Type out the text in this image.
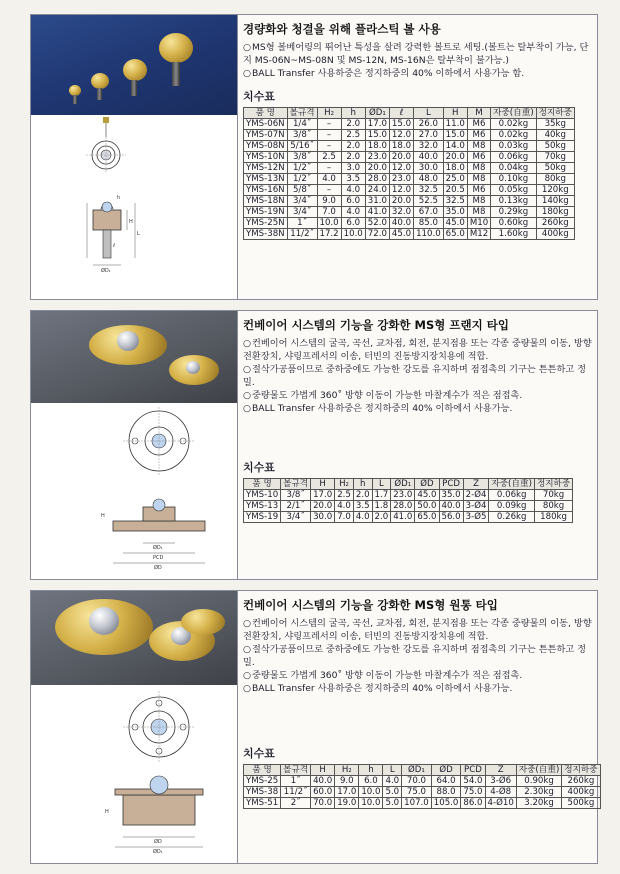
ØD₁
H
L
h
ℓ
경량화와 청결을 위해 플라스틱 볼 사용

○MS형 볼베어링의 뛰어난 특성을 살려 강력한 볼트로 세팅.(볼트는 탈부착이 가능, 단지 MS-06N~MS-08N 및 MS-12N, MS-16N은 탈부착이 불가능.)

○BALL Transfer 사용하중은 정지하중의 40% 이하에서 사용가능 함.

치수표
품 명	볼규격	H₂	h	ØD₁	ℓ	L	H	M	자중(自重)	정지하중
YMS-06N	1/4˝	–	2.0	17.0	15.0	26.0	11.0	M6	0.02kg	35kg
YMS-07N	3/8˝	–	2.5	15.0	12.0	27.0	15.0	M6	0.02kg	40kg
YMS-08N	5/16˝	–	2.0	18.0	18.0	32.0	14.0	M8	0.03kg	50kg
YMS-10N	3/8˝	2.5	2.0	23.0	20.0	40.0	20.0	M6	0.06kg	70kg
YMS-12N	1/2˝	–	3.0	20.0	12.0	30.0	18.0	M8	0.04kg	50kg
YMS-13N	1/2˝	4.0	3.5	28.0	23.0	48.0	25.0	M8	0.10kg	80kg
YMS-16N	5/8˝	–	4.0	24.0	12.0	32.5	20.5	M6	0.05kg	120kg
YMS-18N	3/4˝	9.0	6.0	31.0	20.0	52.5	32.5	M8	0.13kg	140kg
YMS-19N	3/4˝	7.0	4.0	41.0	32.0	67.0	35.0	M8	0.29kg	180kg
YMS-25N	1˝	10.0	6.0	52.0	40.0	85.0	45.0	M10	0.60kg	260kg
YMS-38N	11/2˝	17.2	10.0	72.0	45.0	110.0	65.0	M12	1.60kg	400kg
ØD₁
PCD
ØD
H
컨베이어 시스템의 기능을 강화한 MS형 프랜지 타입

○컨베이어 시스템의 굴곡, 곡선, 교차점, 회전, 분지점용 또는 각종 중량물의 이동, 방향전환장치, 샤링프레서의 이송, 터빈의 진동방지장치용에 적합.

○절삭가공품이므로 중하중에도 가능한 강도를 유지하며 점접촉의 기구는 튼튼하고 정밀.

○중량물도 가볍게 360˚ 방향 이동이 가능한 마찰계수가 적은 점접촉.

○BALL Transfer 사용하중은 정지하중의 40% 이하에서 사용가능.

치수표
품 명	볼규격	H	H₂	h	L	ØD₁	ØD	PCD	Z	자중(自重)	정지하중
YMS-10	3/8˝	17.0	2.5	2.0	1.7	23.0	45.0	35.0	2-Ø4	0.06kg	70kg
YMS-13	2/1˝	20.0	4.0	3.5	1.8	28.0	50.0	40.0	3-Ø4	0.09kg	80kg
YMS-19	3/4˝	30.0	7.0	4.0	2.0	41.0	65.0	56.0	3-Ø5	0.26kg	180kg
ØD
ØD₁
H
컨베이어 시스템의 기능을 강화한 MS형 원통 타입

○컨베이어 시스템의 굴곡, 곡선, 교차점, 회전, 분지점용 또는 각종 중량물의 이동, 방향전환장치, 샤링프레서의 이송, 터빈의 진동방지장치용에 적합.

○절삭가공품이므로 중하중에도 가능한 강도를 유지하며 점접촉의 기구는 튼튼하고 정밀.

○중량물도 가볍게 360˚ 방향 이동이 가능한 마찰계수가 적은 점접촉.

○BALL Transfer 사용하중은 정지하중의 40% 이하에서 사용가능.

치수표
품 명	볼규격	H	H₂	h	L	ØD₁	ØD	PCD	Z	자중(自重)	정지하중
YMS-25	1˝	40.0	9.0	6.0	4.0	70.0	64.0	54.0	3-Ø6	0.90kg	260kg
YMS-38	11/2˝	60.0	17.0	10.0	5.0	75.0	88.0	75.0	4-Ø8	2.30kg	400kg
YMS-51	2˝	70.0	19.0	10.0	5.0	107.0	105.0	86.0	4-Ø10	3.20kg	500kg
